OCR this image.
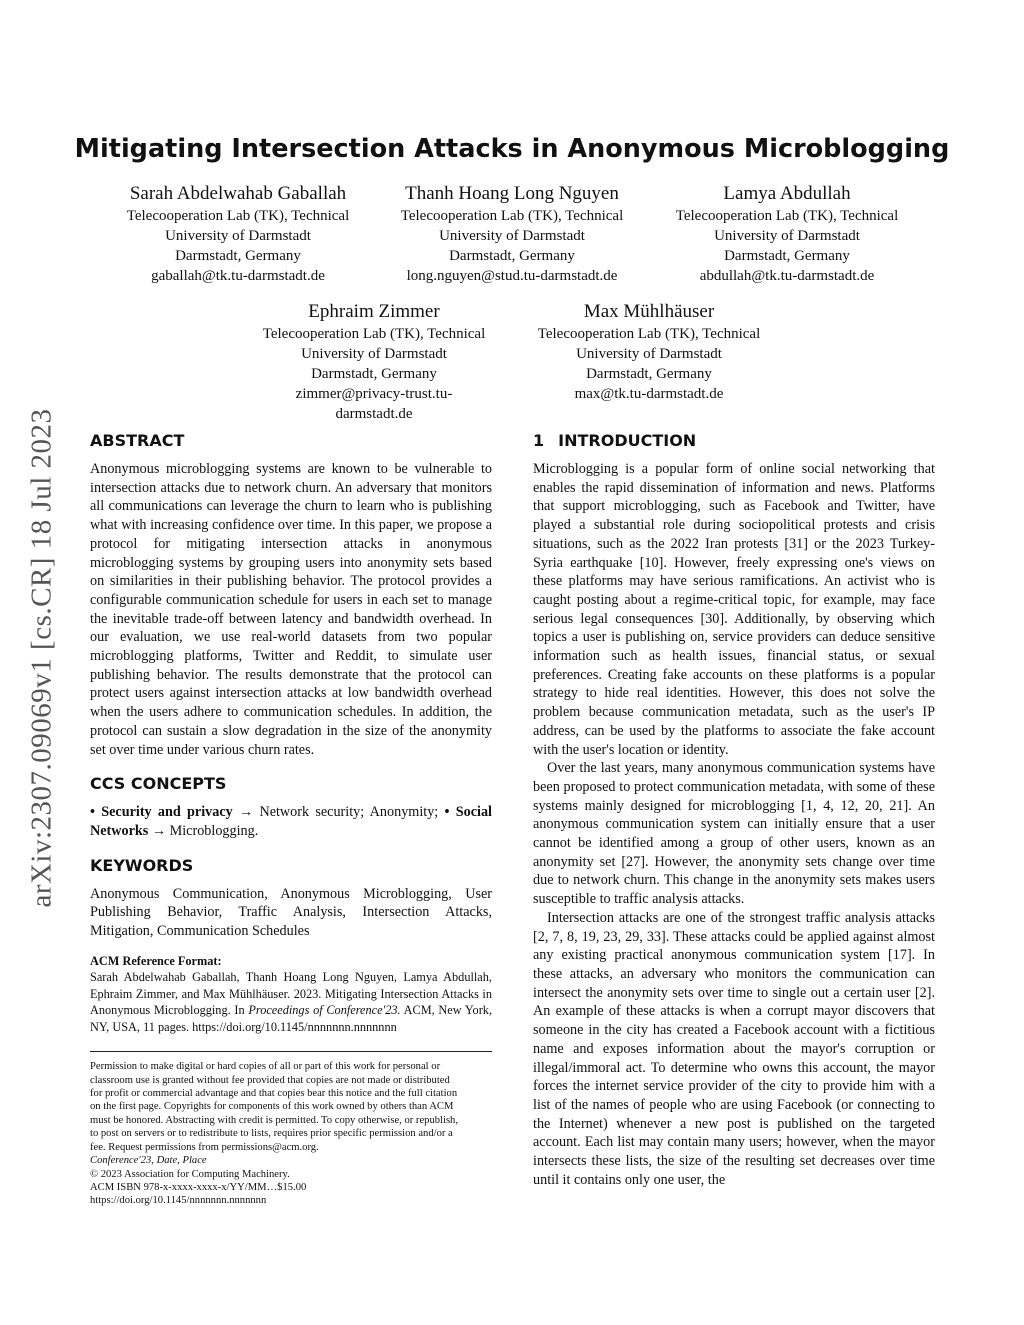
arXiv:2307.09069v1 [cs.CR] 18 Jul 2023
Mitigating Intersection Attacks in Anonymous Microblogging
Sarah Abdelwahab Gaballah
Telecooperation Lab (TK), Technical
University of Darmstadt
Darmstadt, Germany
gaballah@tk.tu-darmstadt.de
Thanh Hoang Long Nguyen
Telecooperation Lab (TK), Technical
University of Darmstadt
Darmstadt, Germany
long.nguyen@stud.tu-darmstadt.de
Lamya Abdullah
Telecooperation Lab (TK), Technical
University of Darmstadt
Darmstadt, Germany
abdullah@tk.tu-darmstadt.de
Ephraim Zimmer
Telecooperation Lab (TK), Technical
University of Darmstadt
Darmstadt, Germany
zimmer@privacy-trust.tu-
darmstadt.de
Max Mühlhäuser
Telecooperation Lab (TK), Technical
University of Darmstadt
Darmstadt, Germany
max@tk.tu-darmstadt.de
ABSTRACT

Anonymous microblogging systems are known to be vulnerable to intersection attacks due to network churn. An adversary that monitors all communications can leverage the churn to learn who is publishing what with increasing confidence over time. In this paper, we propose a protocol for mitigating intersection attacks in anonymous microblogging systems by grouping users into anonymity sets based on similarities in their publishing behavior. The protocol provides a configurable communication schedule for users in each set to manage the inevitable trade-off between latency and bandwidth overhead. In our evaluation, we use real-world datasets from two popular microblogging platforms, Twitter and Reddit, to simulate user publishing behavior. The results demonstrate that the protocol can protect users against intersection attacks at low bandwidth overhead when the users adhere to communication schedules. In addition, the protocol can sustain a slow degradation in the size of the anonymity set over time under various churn rates.

CCS CONCEPTS

• Security and privacy → Network security; Anonymity; • Social Networks → Microblogging.

KEYWORDS

Anonymous Communication, Anonymous Microblogging, User Publishing Behavior, Traffic Analysis, Intersection Attacks, Mitigation, Communication Schedules

ACM Reference Format:

Sarah Abdelwahab Gaballah, Thanh Hoang Long Nguyen, Lamya Abdullah, Ephraim Zimmer, and Max Mühlhäuser. 2023. Mitigating Intersection Attacks in Anonymous Microblogging. In Proceedings of Conference'23. ACM, New York, NY, USA, 11 pages. https://doi.org/10.1145/nnnnnnn.nnnnnnn

Permission to make digital or hard copies of all or part of this work for personal or
classroom use is granted without fee provided that copies are not made or distributed
for profit or commercial advantage and that copies bear this notice and the full citation
on the first page. Copyrights for components of this work owned by others than ACM
must be honored. Abstracting with credit is permitted. To copy otherwise, or republish,
to post on servers or to redistribute to lists, requires prior specific permission and/or a
fee. Request permissions from permissions@acm.org.
Conference'23, Date, Place
© 2023 Association for Computing Machinery.
ACM ISBN 978-x-xxxx-xxxx-x/YY/MM…$15.00
https://doi.org/10.1145/nnnnnnn.nnnnnnn
1 INTRODUCTION

Microblogging is a popular form of online social networking that enables the rapid dissemination of information and news. Platforms that support microblogging, such as Facebook and Twitter, have played a substantial role during sociopolitical protests and crisis situations, such as the 2022 Iran protests [31] or the 2023 Turkey-Syria earthquake [10]. However, freely expressing one's views on these platforms may have serious ramifications. An activist who is caught posting about a regime-critical topic, for example, may face serious legal consequences [30]. Additionally, by observing which topics a user is publishing on, service providers can deduce sensitive information such as health issues, financial status, or sexual preferences. Creating fake accounts on these platforms is a popular strategy to hide real identities. However, this does not solve the problem because communication metadata, such as the user's IP address, can be used by the platforms to associate the fake account with the user's location or identity.

Over the last years, many anonymous communication systems have been proposed to protect communication metadata, with some of these systems mainly designed for microblogging [1, 4, 12, 20, 21]. An anonymous communication system can initially ensure that a user cannot be identified among a group of other users, known as an anonymity set [27]. However, the anonymity sets change over time due to network churn. This change in the anonymity sets makes users susceptible to traffic analysis attacks.

Intersection attacks are one of the strongest traffic analysis attacks [2, 7, 8, 19, 23, 29, 33]. These attacks could be applied against almost any existing practical anonymous communication system [17]. In these attacks, an adversary who monitors the communication can intersect the anonymity sets over time to single out a certain user [2]. An example of these attacks is when a corrupt mayor discovers that someone in the city has created a Facebook account with a fictitious name and exposes information about the mayor's corruption or illegal/immoral act. To determine who owns this account, the mayor forces the internet service provider of the city to provide him with a list of the names of people who are using Facebook (or connecting to the Internet) whenever a new post is published on the targeted account. Each list may contain many users; however, when the mayor intersects these lists, the size of the resulting set decreases over time until it contains only one user, the
